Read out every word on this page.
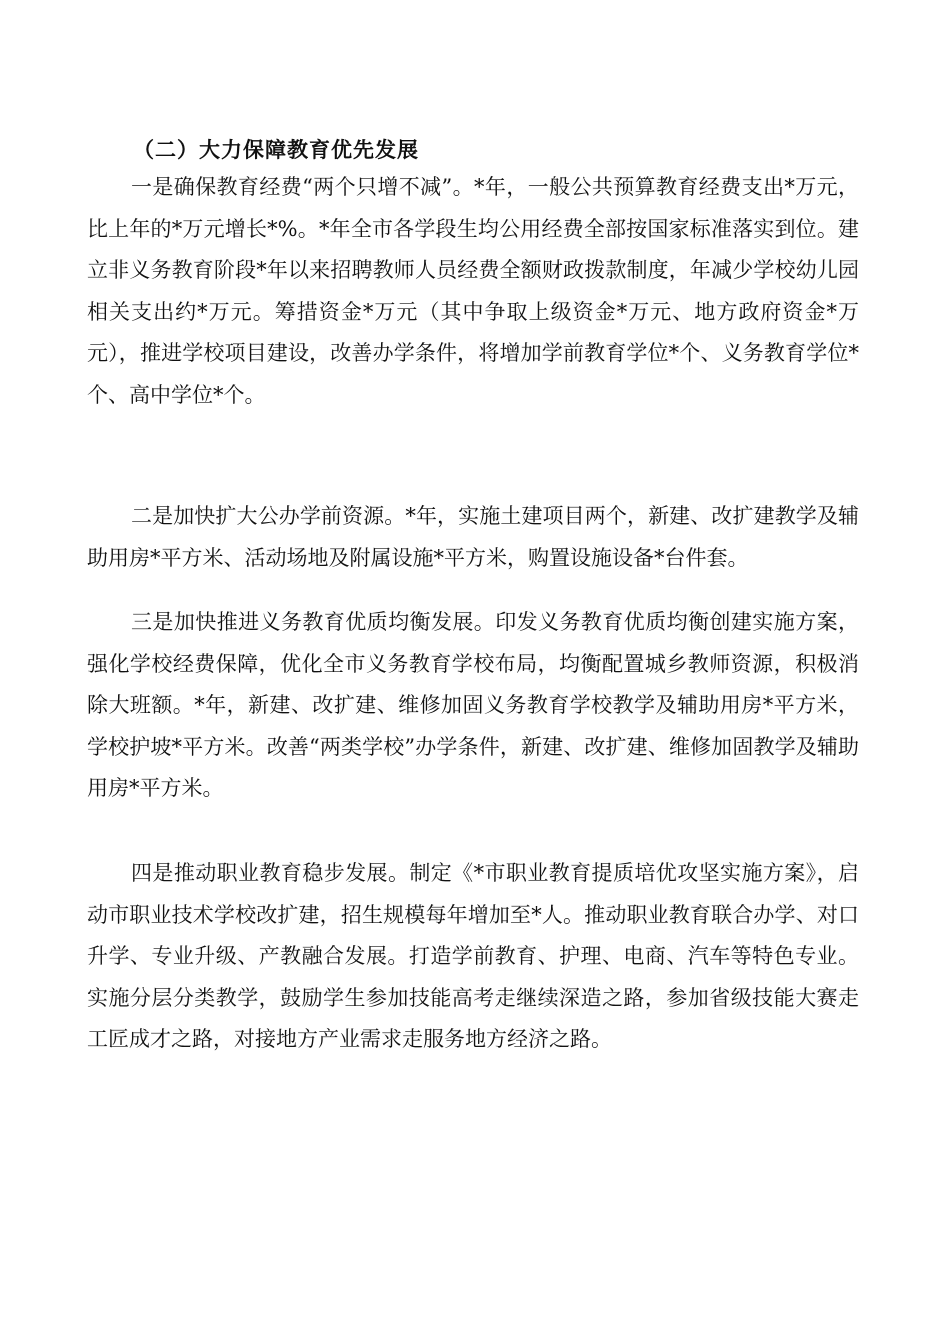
（二）大力保障教育优先发展

一是确保教育经费“两个只增不减”。*年，一般公共预算教育经费支出*万元，比上年的*万元增长*%。*年全市各学段生均公用经费全部按国家标准落实到位。建立非义务教育阶段*年以来招聘教师人员经费全额财政拨款制度，年减少学校幼儿园相关支出约*万元。筹措资金*万元（其中争取上级资金*万元、地方政府资金*万元），推进学校项目建设，改善办学条件，将增加学前教育学位*个、义务教育学位*个、高中学位*个。

二是加快扩大公办学前资源。*年，实施土建项目两个，新建、改扩建教学及辅助用房*平方米、活动场地及附属设施*平方米，购置设施设备*台件套。

三是加快推进义务教育优质均衡发展。印发义务教育优质均衡创建实施方案，强化学校经费保障，优化全市义务教育学校布局，均衡配置城乡教师资源，积极消除大班额。*年，新建、改扩建、维修加固义务教育学校教学及辅助用房*平方米，学校护坡*平方米。改善“两类学校”办学条件，新建、改扩建、维修加固教学及辅助用房*平方米。

四是推动职业教育稳步发展。制定《*市职业教育提质培优攻坚实施方案》，启动市职业技术学校改扩建，招生规模每年增加至*人。推动职业教育联合办学、对口升学、专业升级、产教融合发展。打造学前教育、护理、电商、汽车等特色专业。实施分层分类教学，鼓励学生参加技能高考走继续深造之路，参加省级技能大赛走工匠成才之路，对接地方产业需求走服务地方经济之路。
